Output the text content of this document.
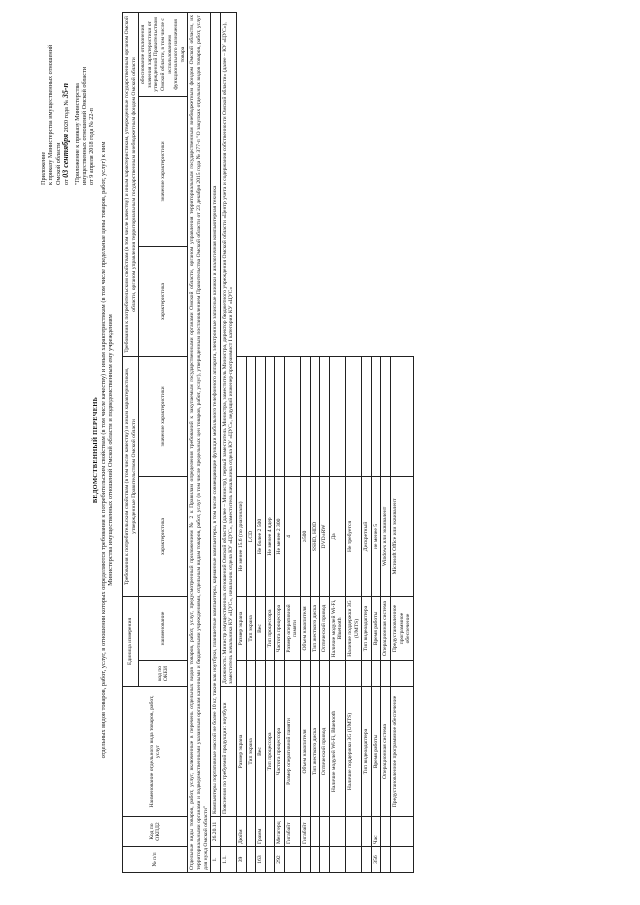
Приложение к приказу Министерства имущественных отношений Омской области от 03 сентября 2020 года № 35-п "Приложение к приказу Министерства имущественных отношений Омской области от 9 апреля 2018 года № 22-п

ВЕДОМСТВЕННЫЙ ПЕРЕЧЕНЬ отдельных видов товаров, работ, услуг, в отношении которых определяются требования к потребительским свойствам (в том числе качеству) и иным характеристикам (в том числе предельные цены товаров, работ, услуг) к ним Министерства имущественных отношений Омской области и подведомственным ему учреждениям
№ п/п	Код по ОКПД2	Наименование отдельного вида товаров, работ, услуг	Единица измерения		Требования к потребительским свойствам (в том числе качеству) и иным характеристикам, утвержденные Правительством Омской области		Требования к потребительским свойствам (в том числе качеству) и иным характеристикам, утвержденные государственным органом Омской области, органом управления территориальным государственным внебюджетным фондом Омской области		
			код по ОКЕИ	наименование	характеристика	значение характеристики	характеристика	значение характеристики	обоснование отклонения значения характеристики от утвержденной Правительством Омской области, в том числе с использованием функционального назначения товара
Отдельные виды товаров, работ, услуг, включенные в перечень отдельных видов товаров, работ, услуг, предусмотренный приложением № 2 к Правилам определения требований к закупаемым государственными органами Омской области, органом управления территориальным государственным внебюджетным фондом Омской области, их территориальными органами и подведомственными указанным органам казенными и бюджетными учреждениями, отдельным видам товаров, работ, услуг (в том числе предельных цен товаров, работ, услуг), утвержденным постановлением Правительства Омской области от 23 декабря 2015 года № 377-п "О закупках отдельных видов товаров, работ, услуг для нужд Омской области"									
1.	26.20.11	Компьютеры портативные массой не более 10 кг, такие как ноутбуки, планшетные компьютеры, карманные компьютеры, в том числе совмещающие функции мобильного телефонного аппарата, электронные записные книжки и аналогичная компьютерная техника							
1.1.		Пояснения по требуемой продукции: ноутбуки	Должность: Министр имущественных отношений Омской области (далее – Министр), первый заместитель Министра, заместитель Министра, директор бюджетного учреждения Омской области «Центр учета и содержания собственности Омской области» (далее – КУ «ЦУС»), заместитель начальника КУ «ЦУС», начальник отдела КУ «ЦУС», заместитель начальника отдела КУ «ЦУС», ведущий инженер-программист I категории КУ «ЦУС»						
39	Дюйм	Размер экрана		Размер экрана	Не менее 15.6 (по диагонали)				
		Тип экрана		Тип экрана	LCD				
163	Грамм	Вес		Вес	Не более 2 500				
		Тип процессора		Тип процессора	Не менее 4 ядер				
292	Мегагерц	Частота процессора		Частота процессора	Не менее 2 300				
	Гигабайт	Размер оперативной памяти		Размер оперативной памяти	4				
	Гигабайт	Объем накопителя		Объем накопителя	≥500				
		Тип жесткого диска		Тип жесткого диска	SSHD, HDD				
		Оптический привод		Оптический привод	DVD±RW				
		Наличие модулей Wi-Fi, Bluetooth		Наличие модулей Wi-Fi, Bluetooth	Да				
		Наличие поддержки 3G (UMTS)		Наличие поддержки 3G (UMTS)	Не требуется				
		Тип видеоадаптера		Тип видеоадаптера	Дискретный				
356	Час	Время работы		Время работы	не менее 5				
		Операционная система		Операционная система	Windows или эквивалент				
		Предустановленное программное обеспечение		Предустановленное программное обеспечение	Microsoft Office или эквивалент				
